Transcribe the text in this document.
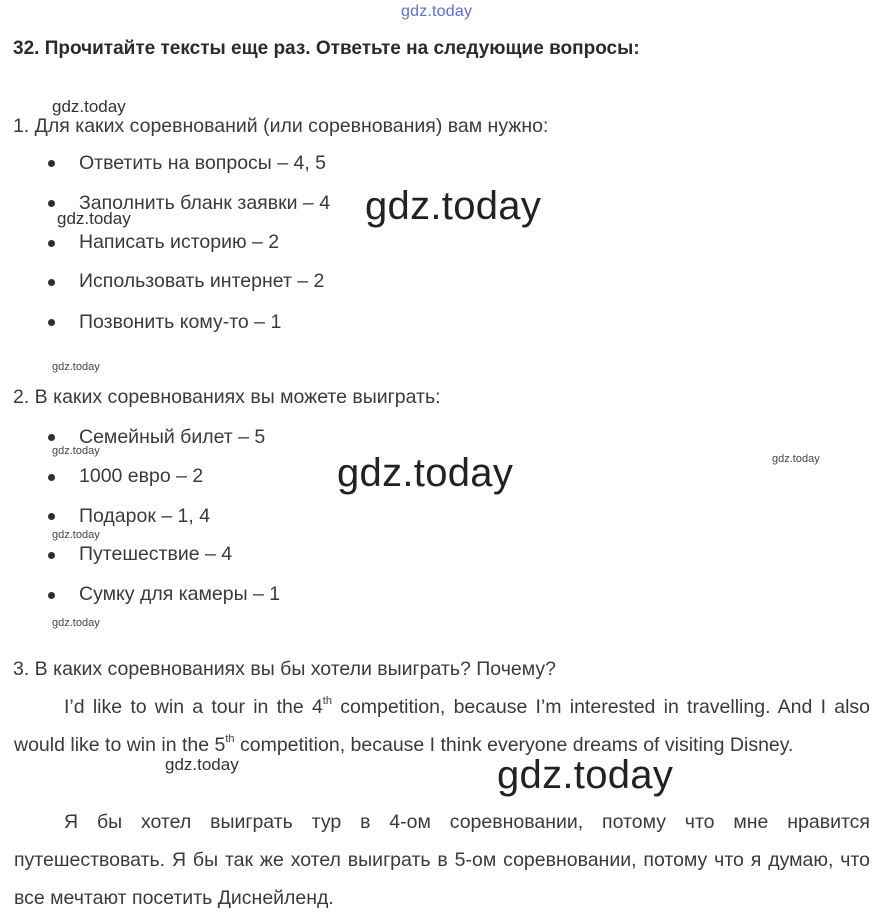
gdz.today
32. Прочитайте тексты еще раз. Ответьте на следующие вопросы:
gdz.today
1. Для каких соревнований (или соревнования) вам нужно:
Ответить на вопросы – 4, 5
Заполнить бланк заявки – 4
gdz.today	gdz.today
Написать историю – 2
Использовать интернет – 2
Позвонить кому-то – 1
gdz.today
2. В каких соревнованиях вы можете выиграть:
Семейный билет – 5
gdz.today
gdz.today
gdz.today
1000 евро – 2
Подарок – 1, 4
gdz.today
Путешествие – 4
Сумку для камеры – 1
gdz.today
3. В каких соревнованиях вы бы хотели выиграть? Почему?

I’d like to win a tour in the 4th competition, because I’m interested in travelling. And I also would like to win in the 5th competition, because I think everyone dreams of visiting Disney.

gdz.today	gdz.today

Я бы хотел выиграть тур в 4-ом соревновании, потому что мне нравится путешествовать. Я бы так же хотел выиграть в 5-ом соревновании, потому что я думаю, что все мечтают посетить Диснейленд.
